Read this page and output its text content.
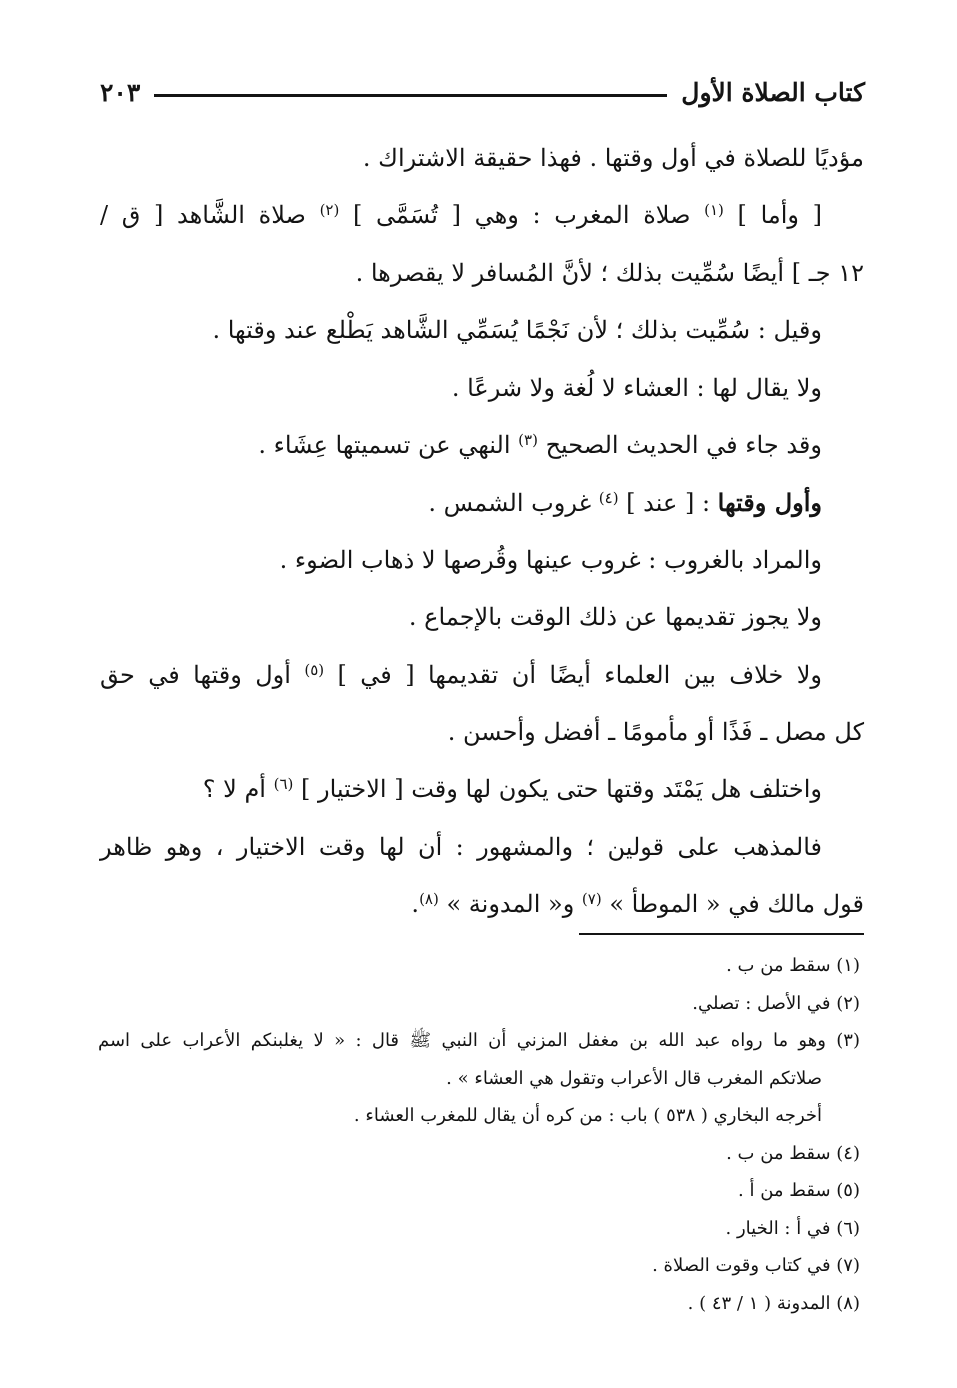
كتاب الصلاة الأول
٢٠٣
مؤديًا للصلاة في أول وقتها . فهذا حقيقة الاشتراك .
[ وأما ] $^{(١)}$ صلاة المغرب : وهي [ تُسَمَّى ] $^{(٢)}$ صلاة الشَّاهد [ ق /
١٢ جـ ] أيضًا سُمِّيت بذلك ؛ لأنَّ المُسافر لا يقصرها .
وقيل : سُمِّيت بذلك ؛ لأن نَجْمًا يُسَمِّي الشَّاهد يَطْلع عند وقتها .
ولا يقال لها : العشاء لا لُغة ولا شرعًا .
وقد جاء في الحديث الصحيح $^{(٣)}$ النهي عن تسميتها عِشَاء .
وأول وقتها : [ عند ] $^{(٤)}$ غروب الشمس .
والمراد بالغروب : غروب عينها وقُرصها لا ذهاب الضوء .
ولا يجوز تقديمها عن ذلك الوقت بالإجماع .
ولا خلاف بين العلماء أيضًا أن تقديمها [ في ] $^{(٥)}$ أول وقتها في حق
كل مصل ـ فَذًا أو مأمومًا ـ أفضل وأحسن .
واختلف هل يَمْتَد وقتها حتى يكون لها وقت [ الاختيار ] $^{(٦)}$ أم لا ؟
فالمذهب على قولين ؛ والمشهور : أن لها وقت الاختيار ، وهو ظاهر
قول مالك في « الموطأ » $^{(٧)}$ و« المدونة » $^{(٨)}$.
(١) سقط من ب .
(٢) في الأصل : تصلي.
(٣) وهو ما رواه عبد الله بن مغفل المزني أن النبي ﷺ قال : « لا يغلبنكم الأعراب على اسم
صلاتكم المغرب قال الأعراب وتقول هي العشاء » .
أخرجه البخاري ( ٥٣٨ ) باب : من كره أن يقال للمغرب العشاء .
(٤) سقط من ب .
(٥) سقط من أ .
(٦) في أ : الخيار .
(٧) في كتاب وقوت الصلاة .
(٨) المدونة ( ١ / ٤٣ ) .
